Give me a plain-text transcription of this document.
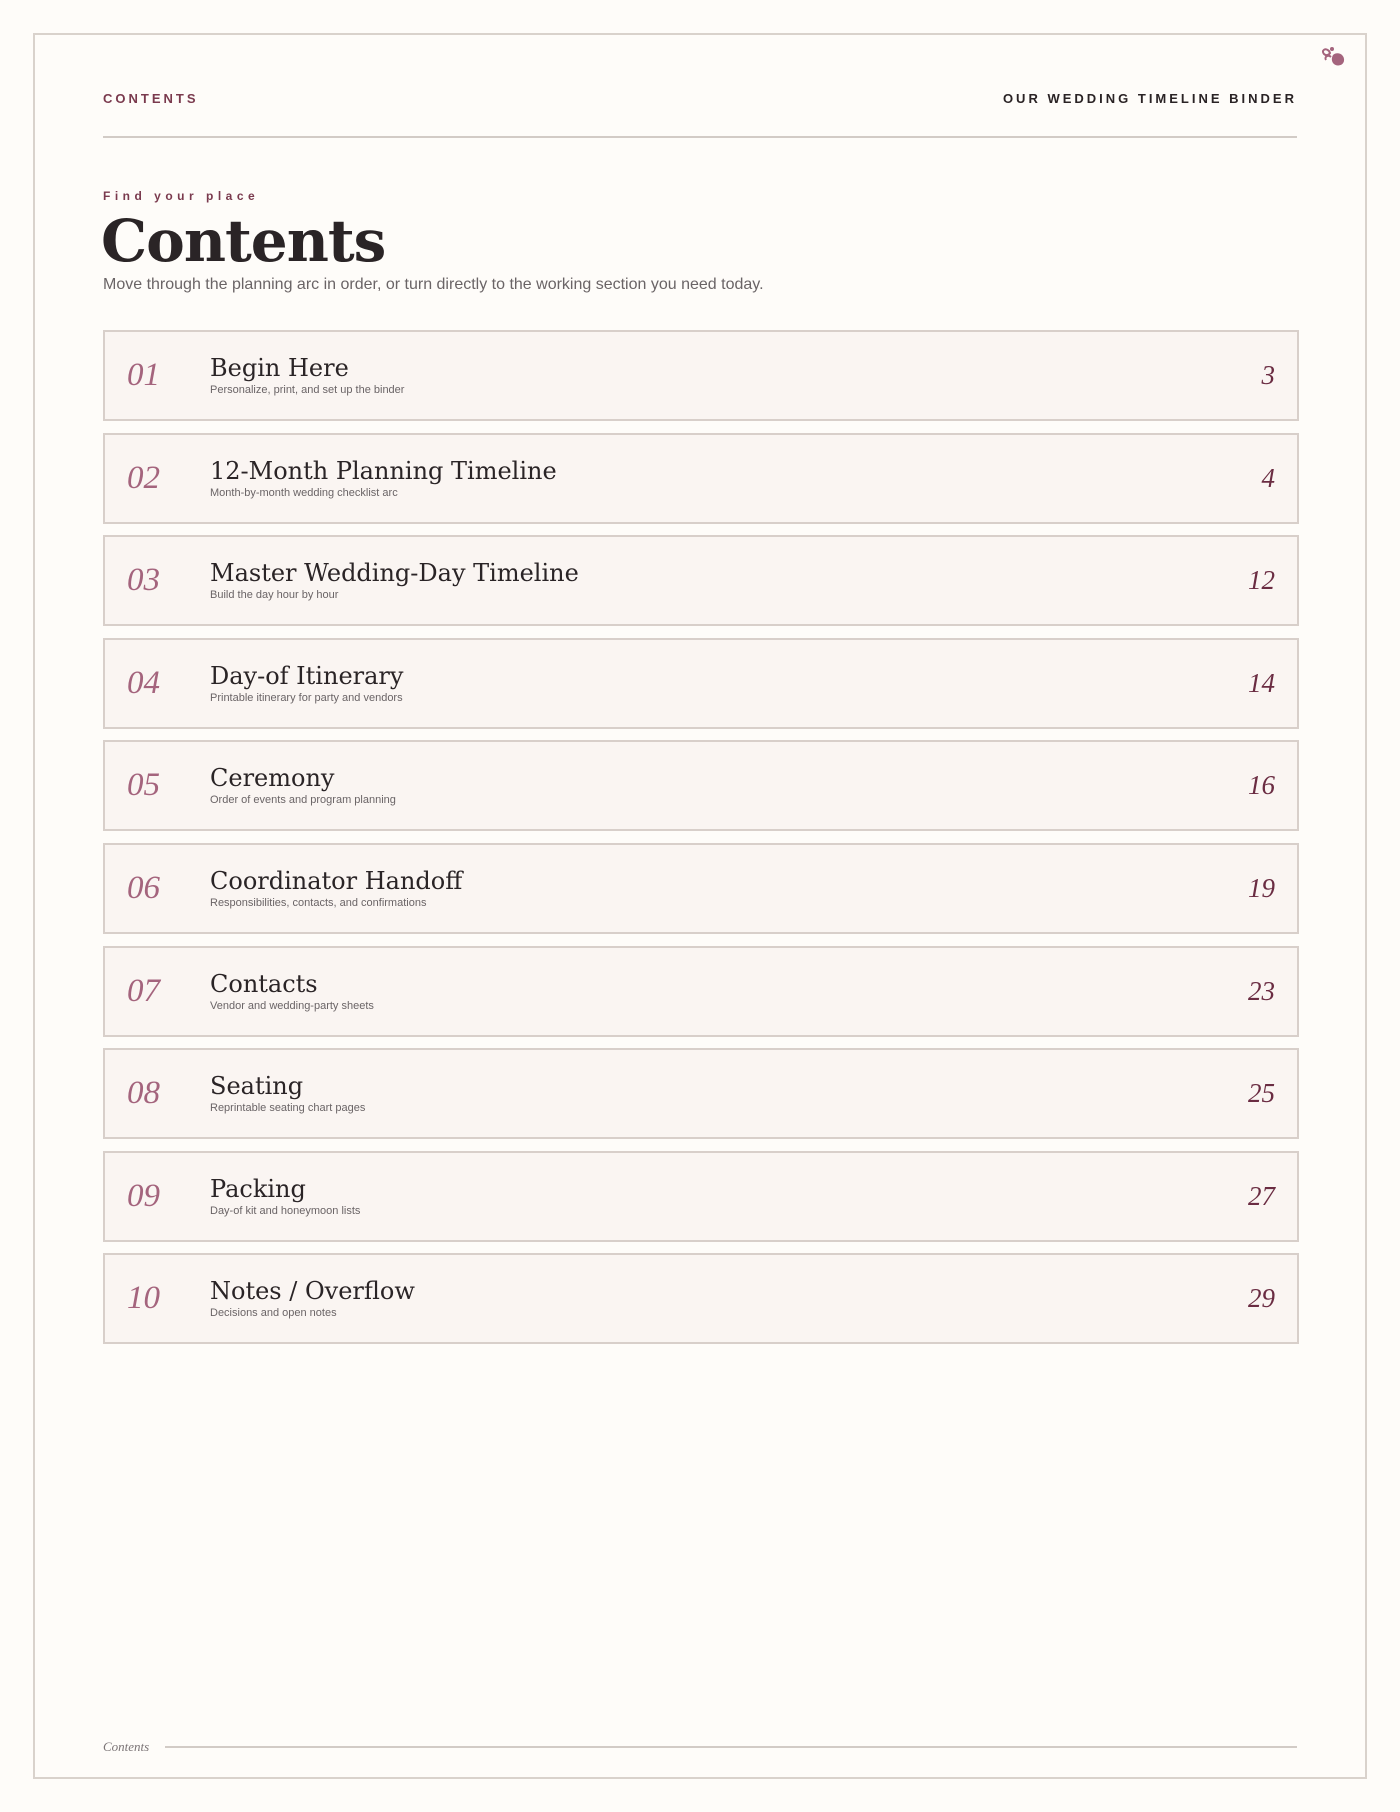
CONTENTS	OUR WEDDING TIMELINE BINDER
Find your place
Contents

Move through the planning arc in order, or turn directly to the working section you need today.

01 Begin Here
Personalize, print, and set up the binder	3
02 12-Month Planning Timeline
Month-by-month wedding checklist arc	4
03 Master Wedding-Day Timeline
Build the day hour by hour	12
04 Day-of Itinerary
Printable itinerary for party and vendors	14
05 Ceremony
Order of events and program planning	16
06 Coordinator Handoff
Responsibilities, contacts, and confirmations	19
07 Contacts
Vendor and wedding-party sheets	23
08 Seating
Reprintable seating chart pages	25
09 Packing
Day-of kit and honeymoon lists	27
10 Notes / Overflow
Decisions and open notes	29
Contents
